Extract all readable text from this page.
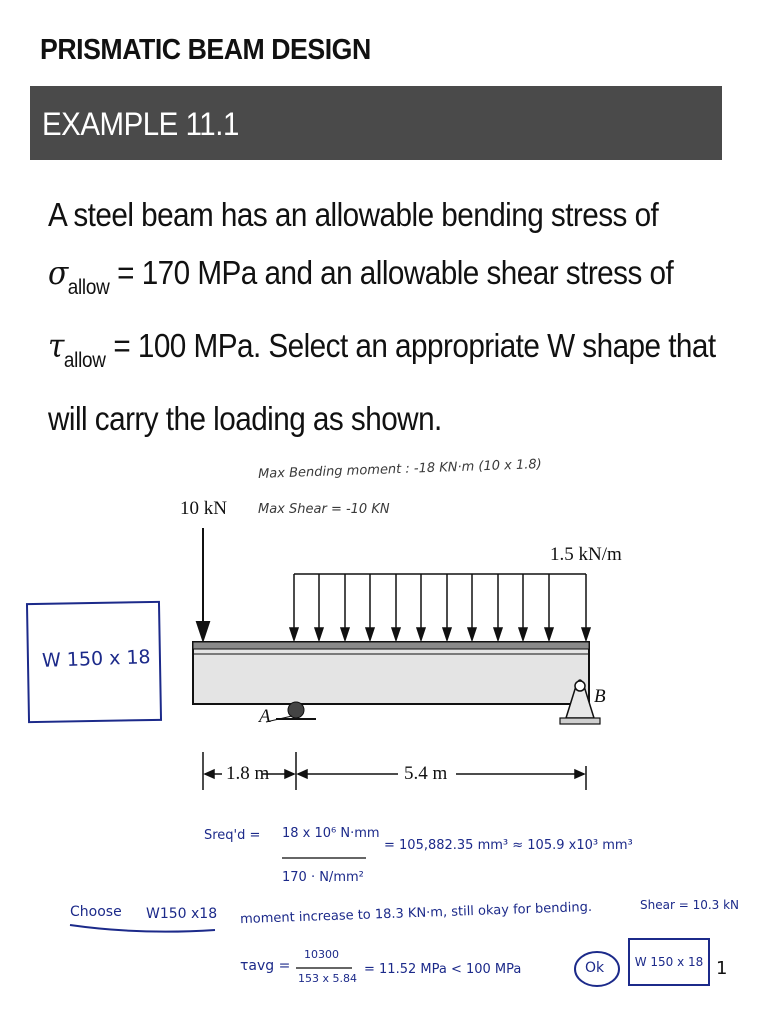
PRISMATIC BEAM DESIGN
EXAMPLE 11.1
A steel beam has an allowable bending stress of
$\sigma_{allow} = 170$ MPa and an allowable shear stress of
$\tau_{allow} = 100$ MPa. Select an appropriate W shape that
will carry the loading as shown.
Max Bending moment : -18 KN·m (10 x 1.8)
Max Shear = -10 KN
10 kN
1.5 kN/m
A
B
1.8 m	5.4 m
W 150 x 18
Sreq'd = 18 x 10⁶ N·mm
170 · N/mm²
= 105,882.35 mm³ ≈ 105.9 x10³ mm³
Choose W150 x18 moment increase to 18.3 KN·m, still okay for bending.	Shear = 10.3 kN
τavg =
10300
153 x 5.84
= 11.52 MPa < 100 MPa	Ok	W 150 x 18 1
